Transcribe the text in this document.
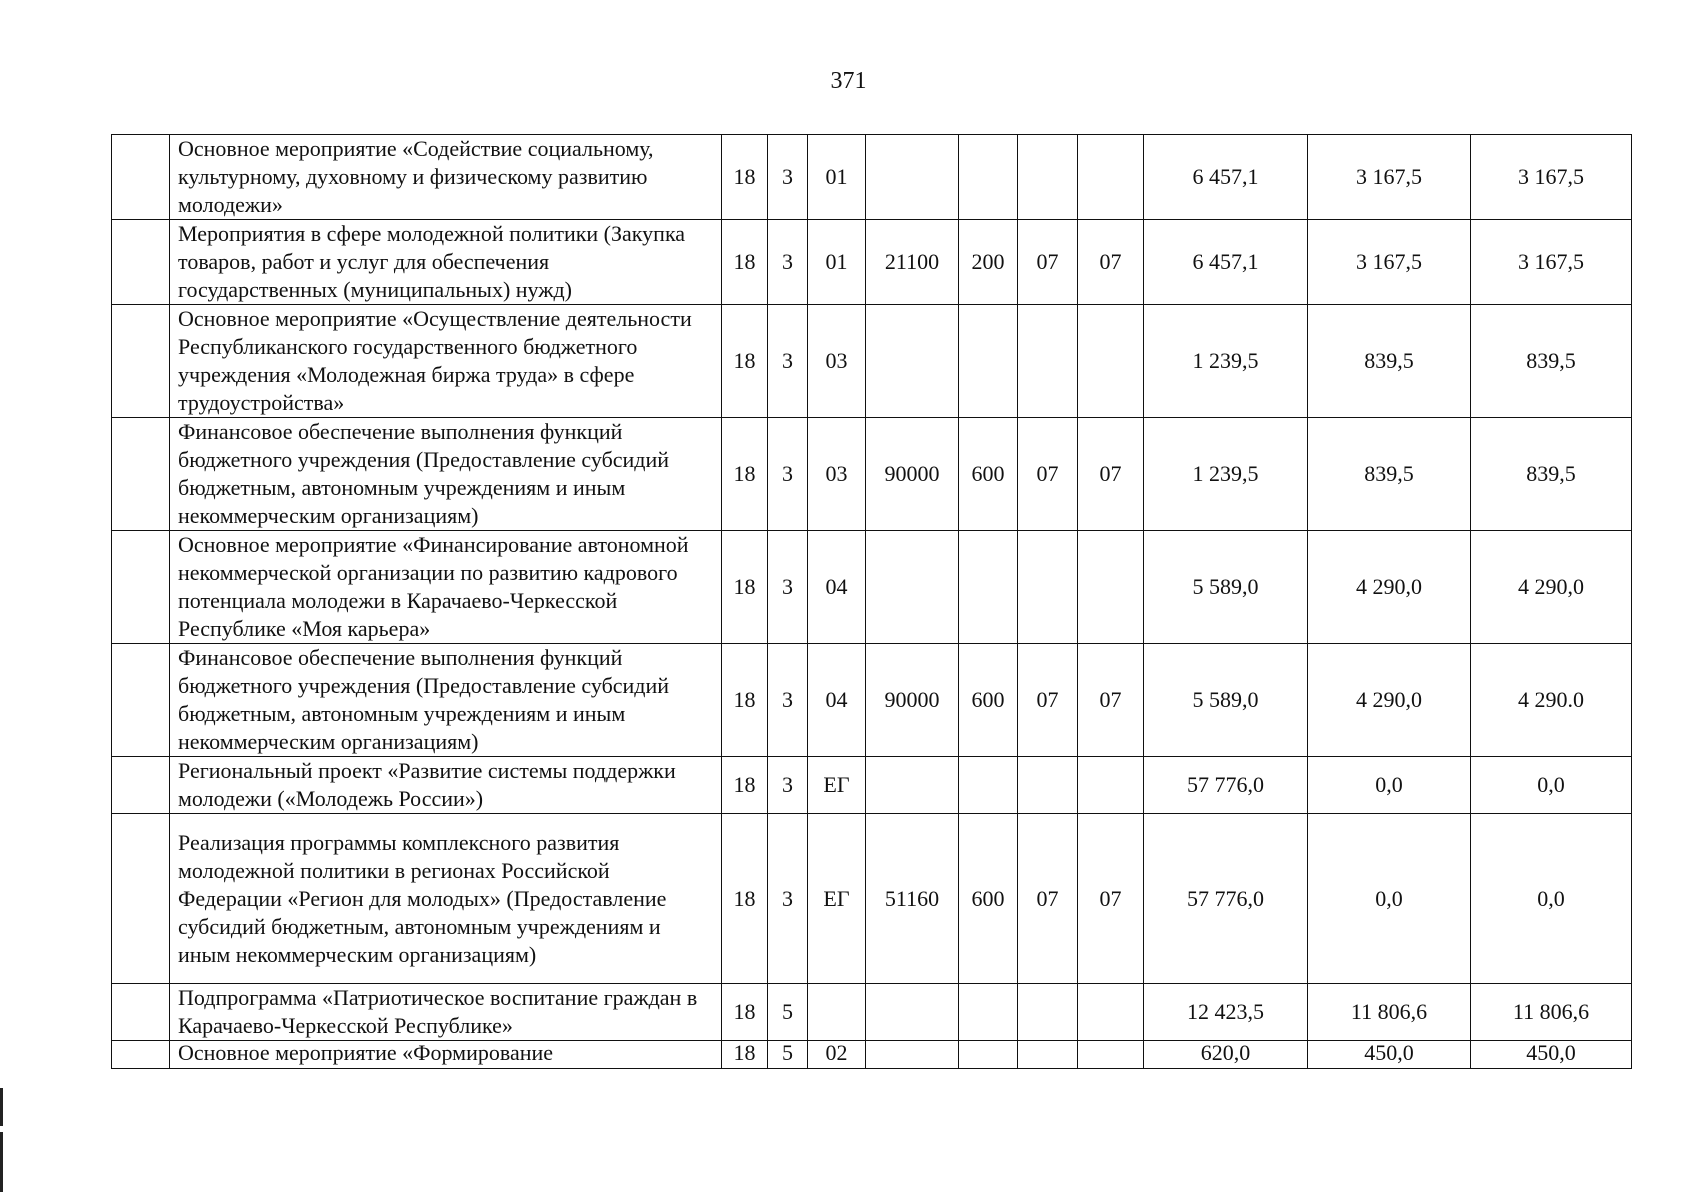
371
	Основное мероприятие «Содействие социальному, культурному, духовному и физическому развитию молодежи»	18	3	01					6 457,1	3 167,5	3 167,5
	Мероприятия в сфере молодежной политики (Закупка товаров, работ и услуг для обеспечения государственных (муниципальных) нужд)	18	3	01	21100	200	07	07	6 457,1	3 167,5	3 167,5
	Основное мероприятие «Осуществление деятельности Республиканского государственного бюджетного учреждения «Молодежная биржа труда» в сфере трудоустройства»	18	3	03					1 239,5	839,5	839,5
	Финансовое обеспечение выполнения функций бюджетного учреждения (Предоставление субсидий бюджетным, автономным учреждениям и иным некоммерческим организациям)	18	3	03	90000	600	07	07	1 239,5	839,5	839,5
	Основное мероприятие «Финансирование автономной некоммерческой организации по развитию кадрового потенциала молодежи в Карачаево-Черкесской Республике «Моя карьера»	18	3	04					5 589,0	4 290,0	4 290,0
	Финансовое обеспечение выполнения функций бюджетного учреждения (Предоставление субсидий бюджетным, автономным учреждениям и иным некоммерческим организациям)	18	3	04	90000	600	07	07	5 589,0	4 290,0	4 290.0
	Региональный проект «Развитие системы поддержки молодежи («Молодежь России»)	18	3	ЕГ					57 776,0	0,0	0,0
	Реализация программы комплексного развития молодежной политики в регионах Российской Федерации «Регион для молодых» (Предоставление субсидий бюджетным, автономным учреждениям и иным некоммерческим организациям)	18	3	ЕГ	51160	600	07	07	57 776,0	0,0	0,0
	Подпрограмма «Патриотическое воспитание граждан в Карачаево-Черкесской Республике»	18	5						12 423,5	11 806,6	11 806,6
	Основное мероприятие «Формирование	18	5	02					620,0	450,0	450,0
